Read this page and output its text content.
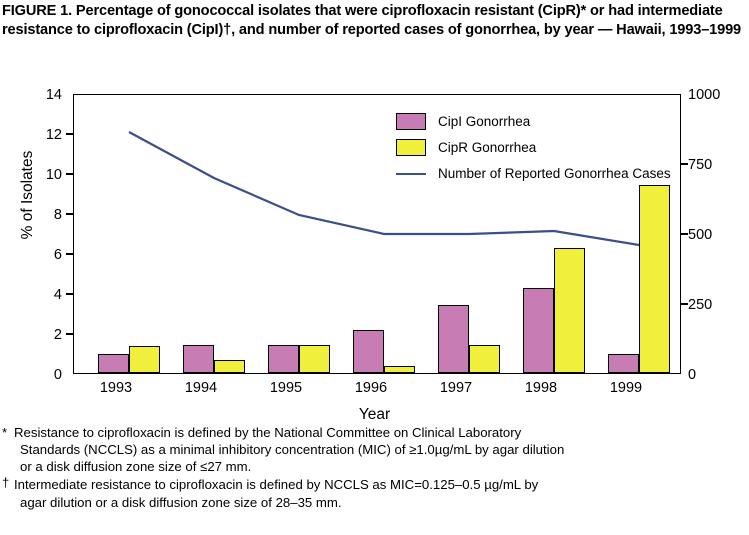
FIGURE 1. Percentage of gonococcal isolates that were ciprofloxacin resistant (CipR)* or had intermediate resistance to ciprofloxacin (CipI)†, and number of reported cases of gonorrhea, by year — Hawaii, 1993–1999
% of Isolates
14
12
10
8
6
4
2
0
1000
750
500
250
0
CipI Gonorrhea
CipR Gonorrhea
Number of Reported Gonorrhea Cases
1993	1994	1995	1996	1997	1998	1999
Year
* Resistance to ciprofloxacin is defined by the National Committee on Clinical Laboratory
Standards (NCCLS) as a minimal inhibitory concentration (MIC) of ≥1.0µg/mL by agar dilution
or a disk diffusion zone size of ≤27 mm.
† Intermediate resistance to ciprofloxacin is defined by NCCLS as MIC=0.125–0.5 µg/mL by
agar dilution or a disk diffusion zone size of 28–35 mm.
